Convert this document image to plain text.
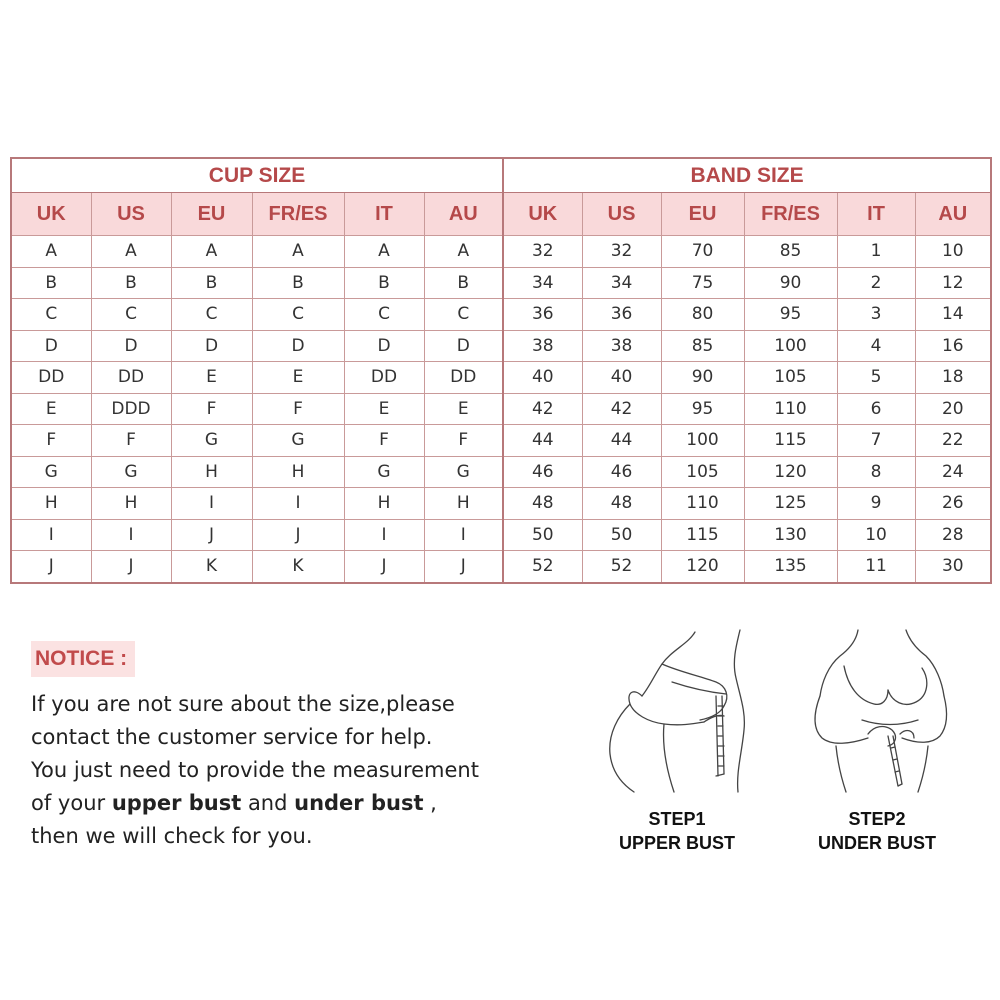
CUP SIZE						BAND SIZE					
UK	US	EU	FR/ES	IT	AU	UK	US	EU	FR/ES	IT	AU
A	A	A	A	A	A	32	32	70	85	1	10
B	B	B	B	B	B	34	34	75	90	2	12
C	C	C	C	C	C	36	36	80	95	3	14
D	D	D	D	D	D	38	38	85	100	4	16
DD	DD	E	E	DD	DD	40	40	90	105	5	18
E	DDD	F	F	E	E	42	42	95	110	6	20
F	F	G	G	F	F	44	44	100	115	7	22
G	G	H	H	G	G	46	46	105	120	8	24
H	H	I	I	H	H	48	48	110	125	9	26
I	I	J	J	I	I	50	50	115	130	10	28
J	J	K	K	J	J	52	52	120	135	11	30
NOTICE :

If you are not sure about the size,please

contact the customer service for help.

You just need to provide the measurement

of your upper bust and under bust ,

then we will check for you.

STEP1
UPPER BUST
STEP2
UNDER BUST
